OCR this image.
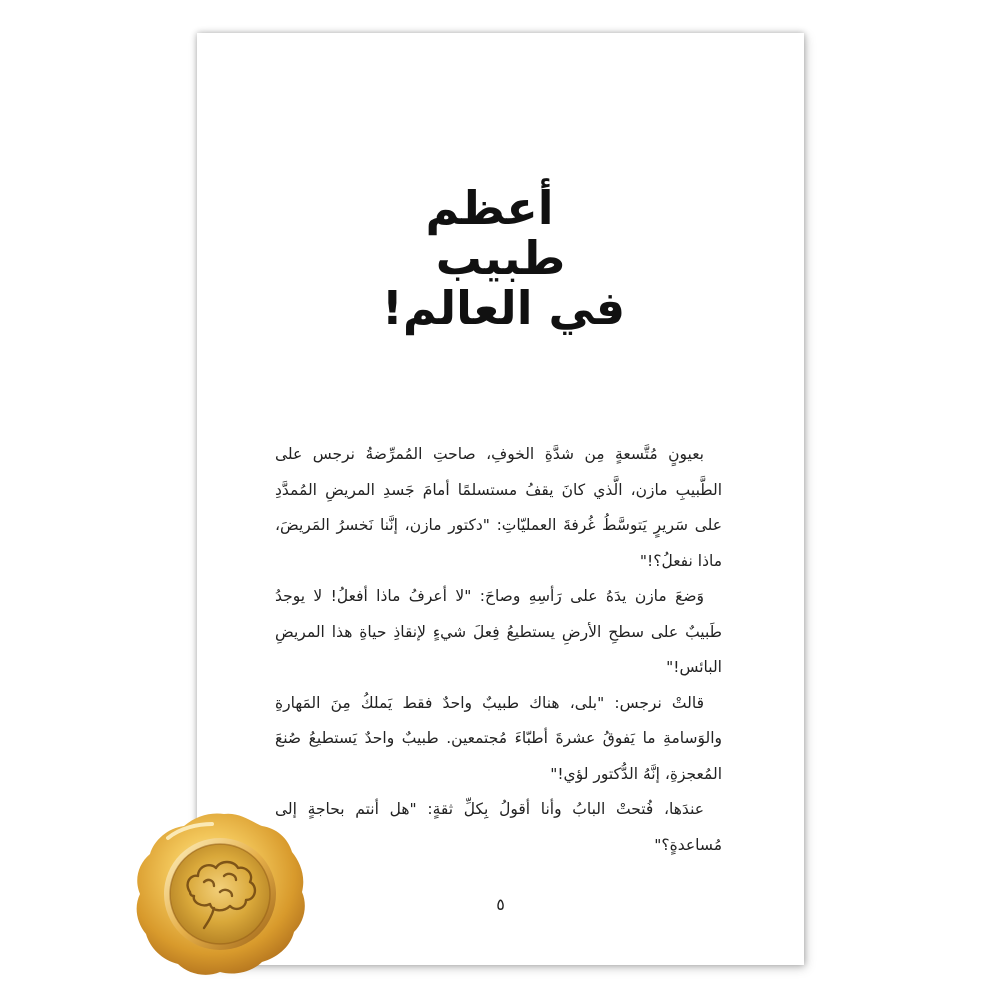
أعظم
طبيب
في العالم!

بعيونٍ مُتَّسعةٍ مِن شدَّةِ الخوفِ، صاحتِ المُمرِّضةُ نرجس على الطَّبيبِ مازن، الَّذي كانَ يقفُ مستسلمًا أمامَ جَسدِ المريضِ المُمدَّدِ على سَريرٍ يَتوسَّطُ غُرفةَ العمليّاتِ: "دكتور مازن، إنَّنا نَخسرُ المَريضَ، ماذا نفعلُ؟!"

وَضعَ مازن يدَهُ على رَأسِهِ وصاحَ: "لا أعرفُ ماذا أفعلُ! لا يوجدُ طَبيبٌ على سطحِ الأرضِ يستطيعُ فِعلَ شيءٍ لإنقاذِ حياةِ هذا المريضِ البائس!"

قالتْ نرجس: "بلى، هناك طبيبٌ واحدٌ فقط يَملكُ مِنَ المَهارةِ والوَسامةِ ما يَفوقُ عشرةَ أطبّاءَ مُجتمعين. طبيبٌ واحدٌ يَستطيعُ صُنعَ المُعجزةِ، إنَّهُ الدُّكتور لؤي!"

عندَها، فُتحتْ البابُ وأنا أقولُ بِكلِّ ثقةٍ: "هل أنتم بحاجةٍ إلى مُساعدةٍ؟"

٥
